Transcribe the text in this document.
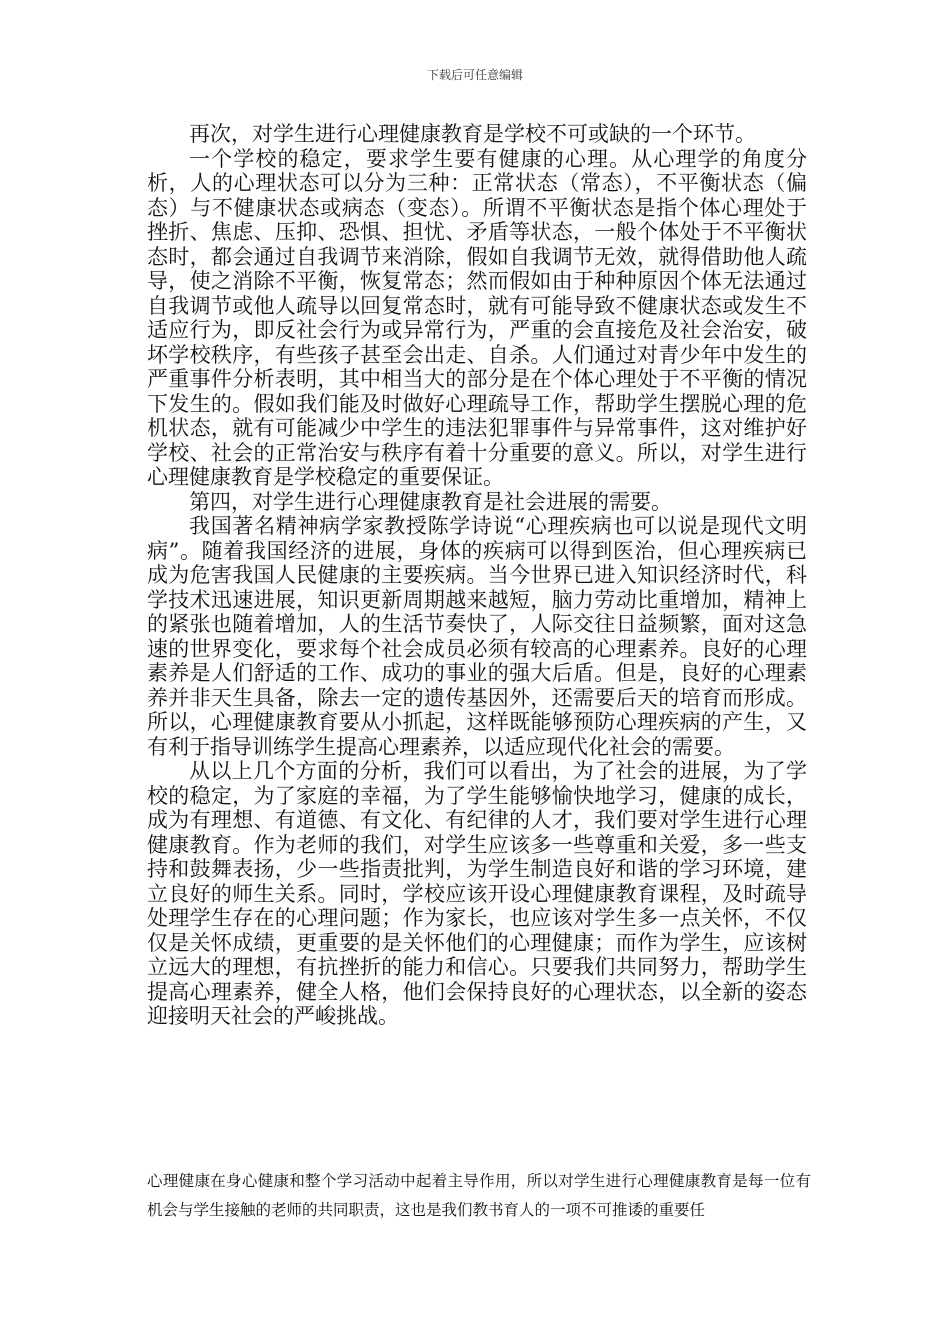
下载后可任意编辑

再次，对学生进行心理健康教育是学校不可或缺的一个环节。

一个学校的稳定，要求学生要有健康的心理。从心理学的角度分析，人的心理状态可以分为三种：正常状态（常态），不平衡状态（偏态）与不健康状态或病态（变态）。所谓不平衡状态是指个体心理处于挫折、焦虑、压抑、恐惧、担忧、矛盾等状态，一般个体处于不平衡状态时，都会通过自我调节来消除，假如自我调节无效，就得借助他人疏导，使之消除不平衡，恢复常态；然而假如由于种种原因个体无法通过自我调节或他人疏导以回复常态时，就有可能导致不健康状态或发生不适应行为，即反社会行为或异常行为，严重的会直接危及社会治安，破坏学校秩序，有些孩子甚至会出走、自杀。人们通过对青少年中发生的严重事件分析表明，其中相当大的部分是在个体心理处于不平衡的情况下发生的。假如我们能及时做好心理疏导工作，帮助学生摆脱心理的危机状态，就有可能减少中学生的违法犯罪事件与异常事件，这对维护好学校、社会的正常治安与秩序有着十分重要的意义。所以，对学生进行心理健康教育是学校稳定的重要保证。

第四，对学生进行心理健康教育是社会进展的需要。

我国著名精神病学家教授陈学诗说“心理疾病也可以说是现代文明病”。随着我国经济的进展，身体的疾病可以得到医治，但心理疾病已成为危害我国人民健康的主要疾病。当今世界已进入知识经济时代，科学技术迅速进展，知识更新周期越来越短，脑力劳动比重增加，精神上的紧张也随着增加，人的生活节奏快了，人际交往日益频繁，面对这急速的世界变化，要求每个社会成员必须有较高的心理素养。良好的心理素养是人们舒适的工作、成功的事业的强大后盾。但是，良好的心理素养并非天生具备，除去一定的遗传基因外，还需要后天的培育而形成。所以，心理健康教育要从小抓起，这样既能够预防心理疾病的产生，又有利于指导训练学生提高心理素养，以适应现代化社会的需要。

从以上几个方面的分析，我们可以看出，为了社会的进展，为了学校的稳定，为了家庭的幸福，为了学生能够愉快地学习，健康的成长，成为有理想、有道德、有文化、有纪律的人才，我们要对学生进行心理健康教育。作为老师的我们，对学生应该多一些尊重和关爱，多一些支持和鼓舞表扬，少一些指责批判，为学生制造良好和谐的学习环境，建立良好的师生关系。同时，学校应该开设心理健康教育课程，及时疏导处理学生存在的心理问题；作为家长，也应该对学生多一点关怀，不仅仅是关怀成绩，更重要的是关怀他们的心理健康；而作为学生，应该树立远大的理想，有抗挫折的能力和信心。只要我们共同努力，帮助学生提高心理素养，健全人格，他们会保持良好的心理状态，以全新的姿态迎接明天社会的严峻挑战。

心理健康在身心健康和整个学习活动中起着主导作用，所以对学生进行心理健康教育是每一位有机会与学生接触的老师的共同职责，这也是我们教书育人的一项不可推诿的重要任
